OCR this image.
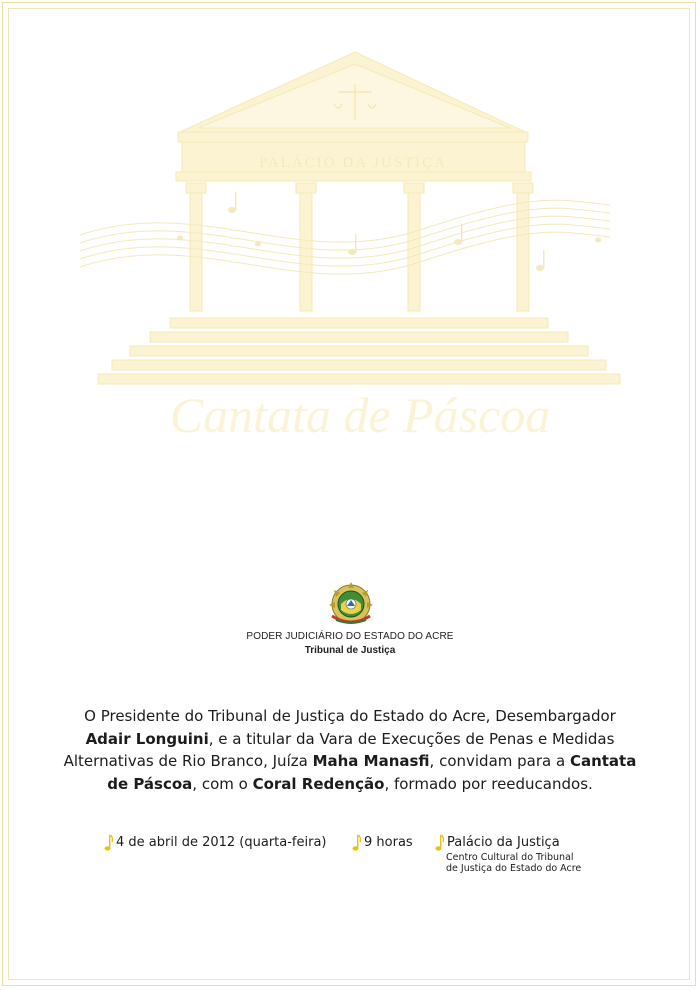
PALÁCIO DA JUSTIÇA
Cantata de Páscoa
PODER JUDICIÁRIO DO ESTADO DO ACRE
Tribunal de Justiça
O Presidente do Tribunal de Justiça do Estado do Acre, Desembargador Adair Longuini, e a titular da Vara de Execuções de Penas e Medidas Alternativas de Rio Branco, Juíza Maha Manasfi, convidam para a Cantata de Páscoa, com o Coral Redenção, formado por reeducandos.
4 de abril de 2012 (quarta-feira)	9 horas	Palácio da Justiça
Centro Cultural do Tribunal
de Justiça do Estado do Acre
